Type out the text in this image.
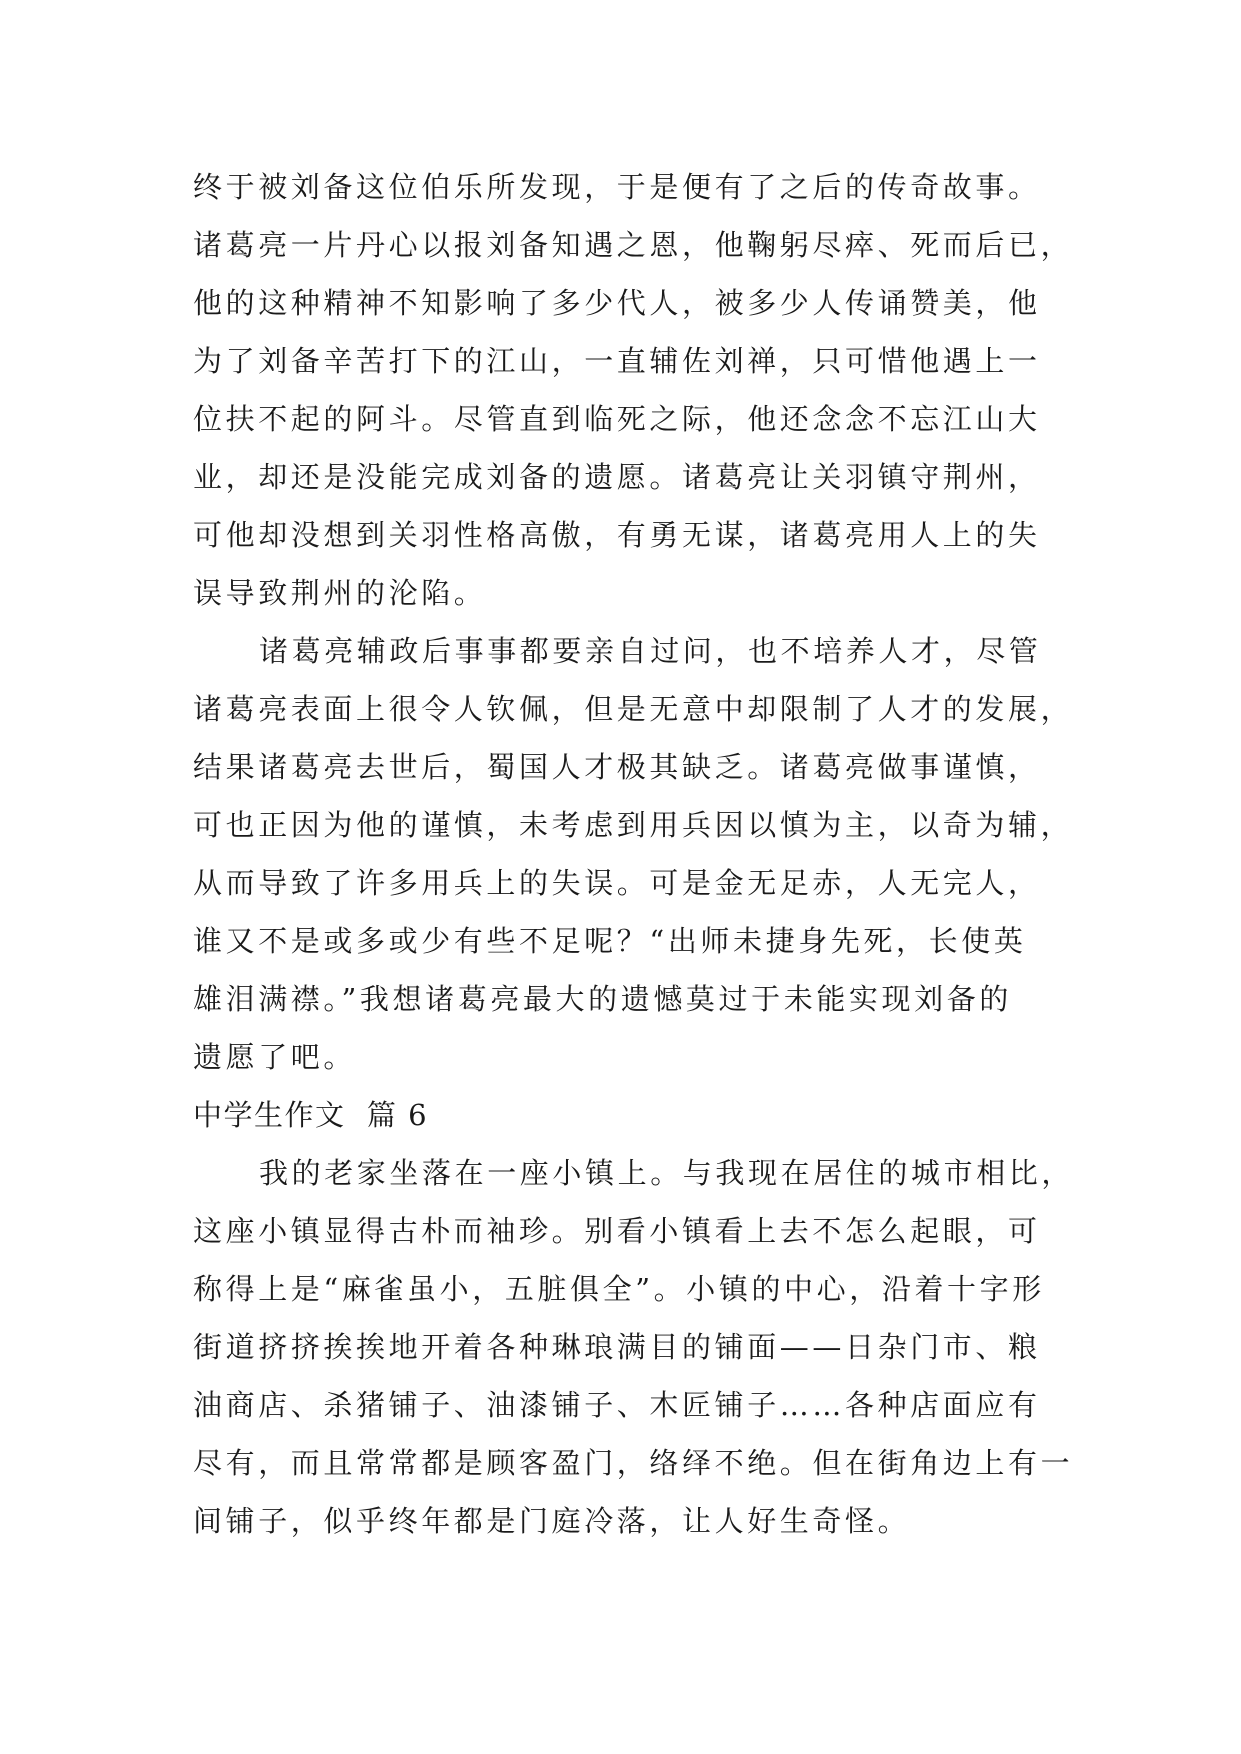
终于被刘备这位伯乐所发现，于是便有了之后的传奇故事。
诸葛亮一片丹心以报刘备知遇之恩，他鞠躬尽瘁、死而后已，
他的这种精神不知影响了多少代人，被多少人传诵赞美，他
为了刘备辛苦打下的江山，一直辅佐刘禅，只可惜他遇上一
位扶不起的阿斗。尽管直到临死之际，他还念念不忘江山大
业，却还是没能完成刘备的遗愿。诸葛亮让关羽镇守荆州，
可他却没想到关羽性格高傲，有勇无谋，诸葛亮用人上的失
误导致荆州的沦陷。
诸葛亮辅政后事事都要亲自过问，也不培养人才，尽管
诸葛亮表面上很令人钦佩，但是无意中却限制了人才的发展，
结果诸葛亮去世后，蜀国人才极其缺乏。诸葛亮做事谨慎，
可也正因为他的谨慎，未考虑到用兵因以慎为主，以奇为辅，
从而导致了许多用兵上的失误。可是金无足赤，人无完人，
谁又不是或多或少有些不足呢？“出师未捷身先死，长使英
雄泪满襟。”我想诸葛亮最大的遗憾莫过于未能实现刘备的
遗愿了吧。
中学生作文  篇 6
我的老家坐落在一座小镇上。与我现在居住的城市相比，
这座小镇显得古朴而袖珍。别看小镇看上去不怎么起眼，可
称得上是“麻雀虽小，五脏俱全”。小镇的中心，沿着十字形
街道挤挤挨挨地开着各种琳琅满目的铺面——日杂门市、粮
油商店、杀猪铺子、油漆铺子、木匠铺子……各种店面应有
尽有，而且常常都是顾客盈门，络绎不绝。但在街角边上有一
间铺子，似乎终年都是门庭冷落，让人好生奇怪。
